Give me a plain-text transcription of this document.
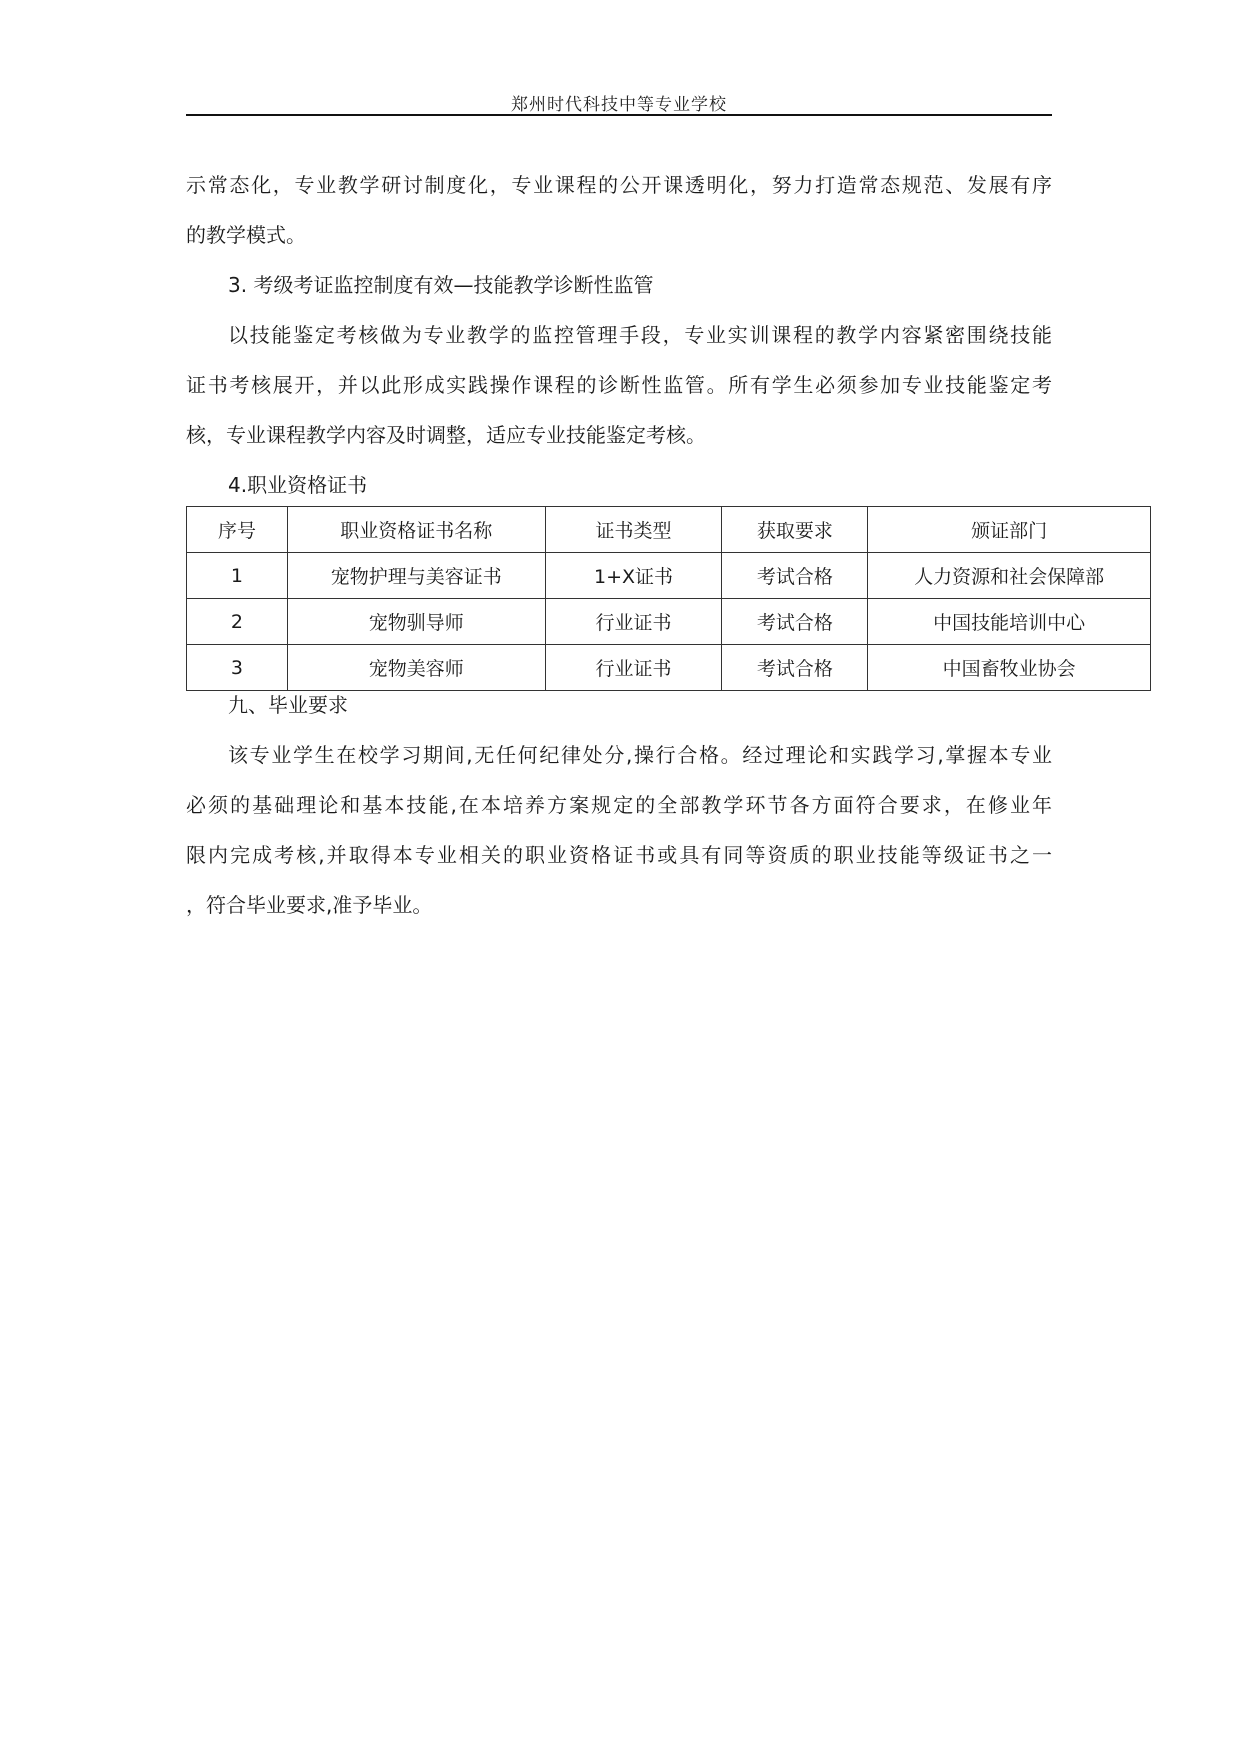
郑州时代科技中等专业学校
示常态化，专业教学研讨制度化，专业课程的公开课透明化，努力打造常态规范、发展有序
的教学模式。
3. 考级考证监控制度有效—技能教学诊断性监管
以技能鉴定考核做为专业教学的监控管理手段，专业实训课程的教学内容紧密围绕技能
证书考核展开，并以此形成实践操作课程的诊断性监管。所有学生必须参加专业技能鉴定考
核，专业课程教学内容及时调整，适应专业技能鉴定考核。
4.职业资格证书
序号	职业资格证书名称	证书类型	获取要求	颁证部门
1	宠物护理与美容证书	1+X证书	考试合格	人力资源和社会保障部
2	宠物驯导师	行业证书	考试合格	中国技能培训中心
3	宠物美容师	行业证书	考试合格	中国畜牧业协会
九、毕业要求
该专业学生在校学习期间,无任何纪律处分,操行合格。经过理论和实践学习,掌握本专业
必须的基础理论和基本技能,在本培养方案规定的全部教学环节各方面符合要求，在修业年
限内完成考核,并取得本专业相关的职业资格证书或具有同等资质的职业技能等级证书之一
，符合毕业要求,准予毕业。
